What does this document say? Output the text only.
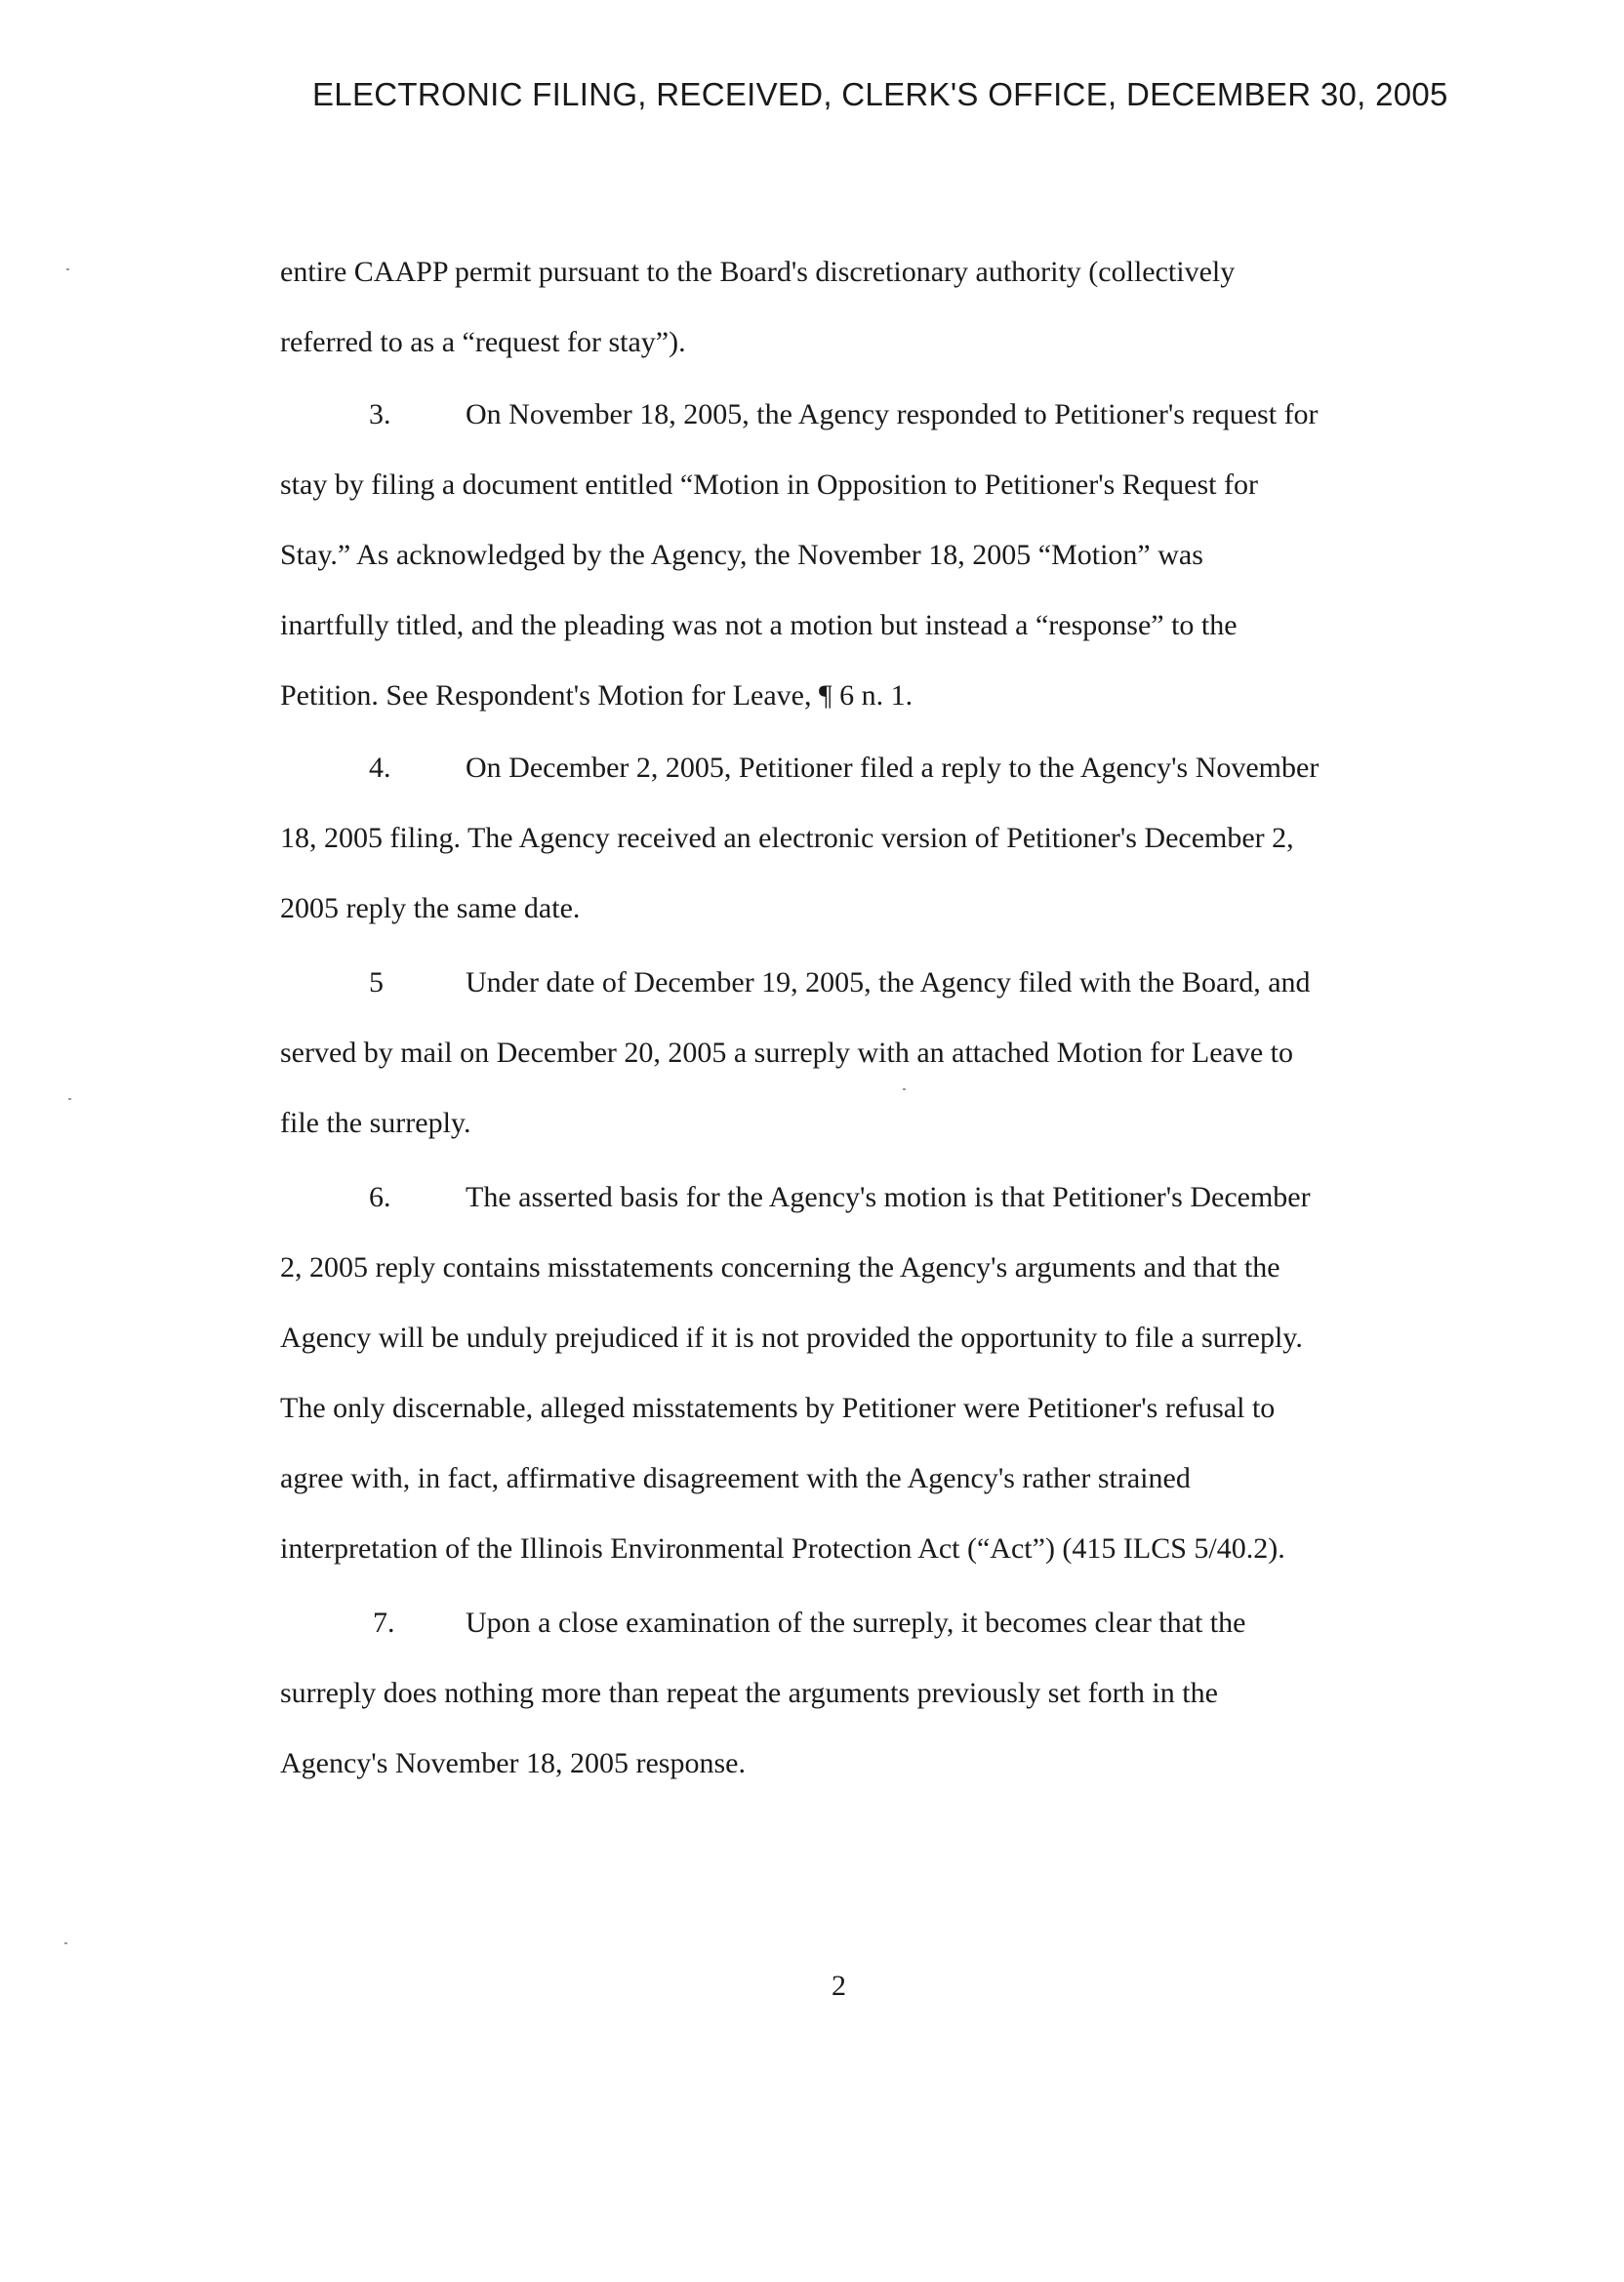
ELECTRONIC FILING, RECEIVED, CLERK'S OFFICE, DECEMBER 30, 2005
entire CAAPP permit pursuant to the Board's discretionary authority (collectively
referred to as a “request for stay”).
3.	On November 18, 2005, the Agency responded to Petitioner's request for
stay by filing a document entitled “Motion in Opposition to Petitioner's Request for
Stay.” As acknowledged by the Agency, the November 18, 2005 “Motion” was
inartfully titled, and the pleading was not a motion but instead a “response” to the
Petition. See Respondent's Motion for Leave, ¶ 6 n. 1.
4.	On December 2, 2005, Petitioner filed a reply to the Agency's November
18, 2005 filing. The Agency received an electronic version of Petitioner's December 2,
2005 reply the same date.
5	Under date of December 19, 2005, the Agency filed with the Board, and
served by mail on December 20, 2005 a surreply with an attached Motion for Leave to
file the surreply.
6.	The asserted basis for the Agency's motion is that Petitioner's December
2, 2005 reply contains misstatements concerning the Agency's arguments and that the
Agency will be unduly prejudiced if it is not provided the opportunity to file a surreply.
The only discernable, alleged misstatements by Petitioner were Petitioner's refusal to
agree with, in fact, affirmative disagreement with the Agency's rather strained
interpretation of the Illinois Environmental Protection Act (“Act”) (415 ILCS 5/40.2).
7. Upon a close examination of the surreply, it becomes clear that the
surreply does nothing more than repeat the arguments previously set forth in the
Agency's November 18, 2005 response.
2
